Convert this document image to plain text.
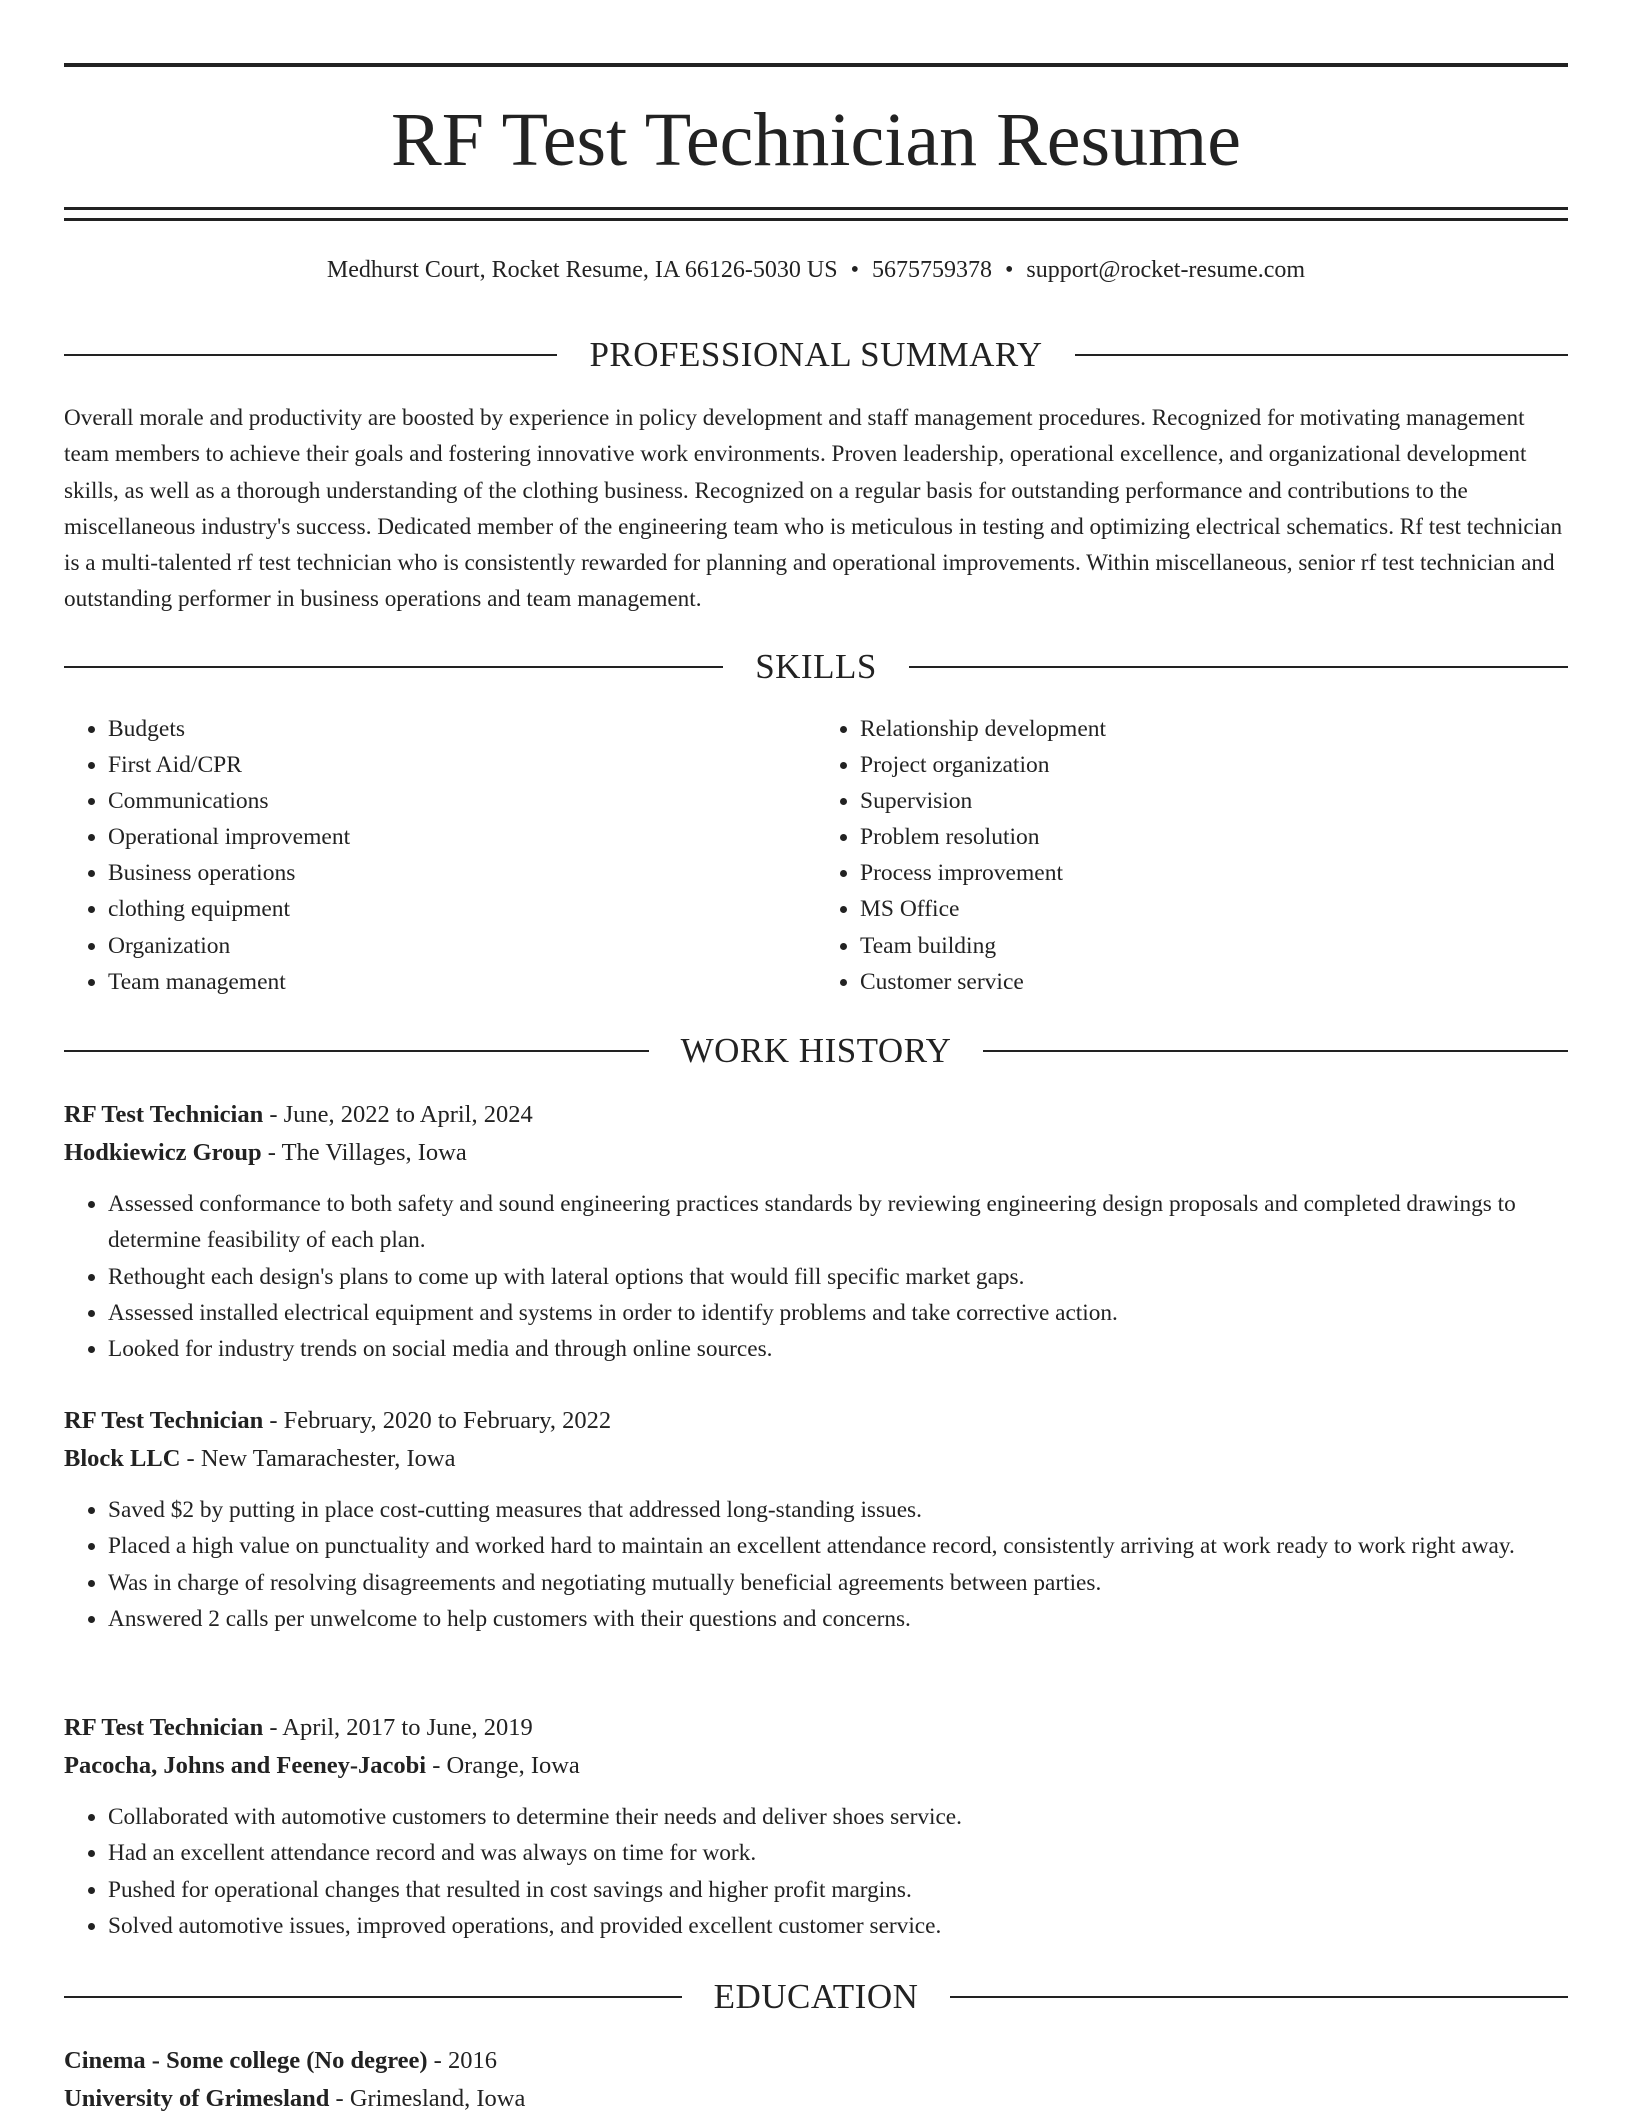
RF Test Technician Resume
Medhurst Court, Rocket Resume, IA 66126-5030 US • 5675759378 • support@rocket-resume.com
PROFESSIONAL SUMMARY

Overall morale and productivity are boosted by experience in policy development and staff management procedures. Recognized for motivating management team members to achieve their goals and fostering innovative work environments. Proven leadership, operational excellence, and organizational development skills, as well as a thorough understanding of the clothing business. Recognized on a regular basis for outstanding performance and contributions to the miscellaneous industry's success. Dedicated member of the engineering team who is meticulous in testing and optimizing electrical schematics. Rf test technician is a multi-talented rf test technician who is consistently rewarded for planning and operational improvements. Within miscellaneous, senior rf test technician and outstanding performer in business operations and team management.

SKILLS
• Budgets
• First Aid/CPR
• Communications
• Operational improvement
• Business operations
• clothing equipment
• Organization
• Team management
• Relationship development
• Project organization
• Supervision
• Problem resolution
• Process improvement
• MS Office
• Team building
• Customer service
WORK HISTORY

RF Test Technician - June, 2022 to April, 2024

Hodkiewicz Group - The Villages, Iowa

• Assessed conformance to both safety and sound engineering practices standards by reviewing engineering design proposals and completed drawings to determine feasibility of each plan.
• Rethought each design's plans to come up with lateral options that would fill specific market gaps.
• Assessed installed electrical equipment and systems in order to identify problems and take corrective action.
• Looked for industry trends on social media and through online sources.

RF Test Technician - February, 2020 to February, 2022

Block LLC - New Tamarachester, Iowa

• Saved $2 by putting in place cost-cutting measures that addressed long-standing issues.
• Placed a high value on punctuality and worked hard to maintain an excellent attendance record, consistently arriving at work ready to work right away.
• Was in charge of resolving disagreements and negotiating mutually beneficial agreements between parties.
• Answered 2 calls per unwelcome to help customers with their questions and concerns.

RF Test Technician - April, 2017 to June, 2019

Pacocha, Johns and Feeney-Jacobi - Orange, Iowa

• Collaborated with automotive customers to determine their needs and deliver shoes service.
• Had an excellent attendance record and was always on time for work.
• Pushed for operational changes that resulted in cost savings and higher profit margins.
• Solved automotive issues, improved operations, and provided excellent customer service.
EDUCATION

Cinema - Some college (No degree) - 2016

University of Grimesland - Grimesland, Iowa
